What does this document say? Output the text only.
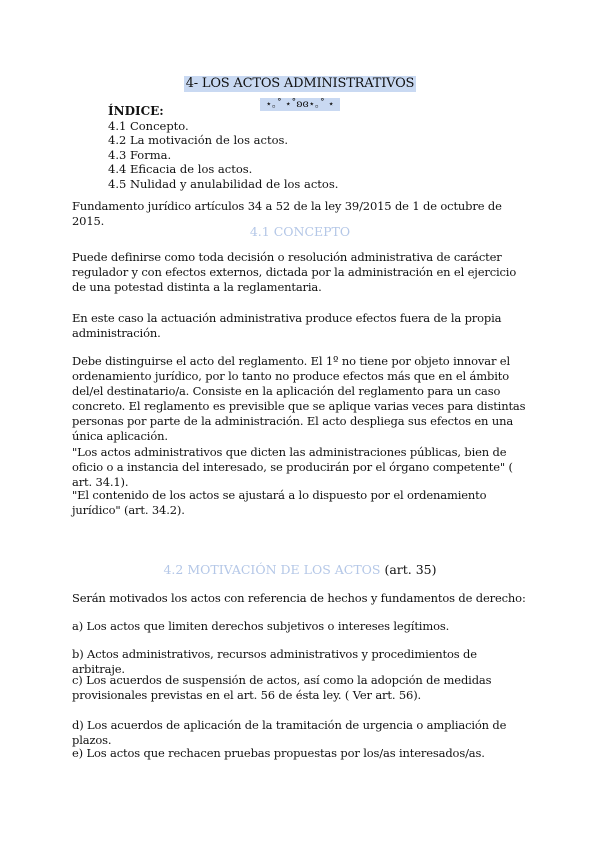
4- LOS ACTOS ADMINISTRATIVOS
⋆｡˚ ⋆˚ʚɞ⋆｡˚ ⋆
ÍNDICE:
4.1 Concepto.
4.2 La motivación de los actos.
4.3 Forma.
4.4 Eficacia de los actos.
4.5 Nulidad y anulabilidad de los actos.

Fundamento jurídico artículos 34 a 52 de la ley 39/2015 de 1 de octubre de 2015.

4.1 CONCEPTO

Puede definirse como toda decisión o resolución administrativa de carácter regulador y con efectos externos, dictada por la administración en el ejercicio de una potestad distinta a la reglamentaria.

En este caso la actuación administrativa produce efectos fuera de la propia administración.

Debe distinguirse el acto del reglamento. El 1º no tiene por objeto innovar el ordenamiento jurídico, por lo tanto no produce efectos más que en el ámbito del/el destinatario/a. Consiste en la aplicación del reglamento para un caso concreto. El reglamento es previsible que se aplique varias veces para distintas personas por parte de la administración. El acto despliega sus efectos en una única aplicación.

"Los actos administrativos que dicten las administraciones públicas, bien de oficio o a instancia del interesado, se producirán por el órgano competente" ( art. 34.1).

"El contenido de los actos se ajustará a lo dispuesto por el ordenamiento jurídico" (art. 34.2).

4.2 MOTIVACIÓN DE LOS ACTOS (art. 35)

Serán motivados los actos con referencia de hechos y fundamentos de derecho:

a) Los actos que limiten derechos subjetivos o intereses legítimos.

b) Actos administrativos, recursos administrativos y procedimientos de arbitraje.

c) Los acuerdos de suspensión de actos, así como la adopción de medidas provisionales previstas en el art. 56 de ésta ley. ( Ver art. 56).

d) Los acuerdos de aplicación de la tramitación de urgencia o ampliación de plazos.

e) Los actos que rechacen pruebas propuestas por los/as interesados/as.
